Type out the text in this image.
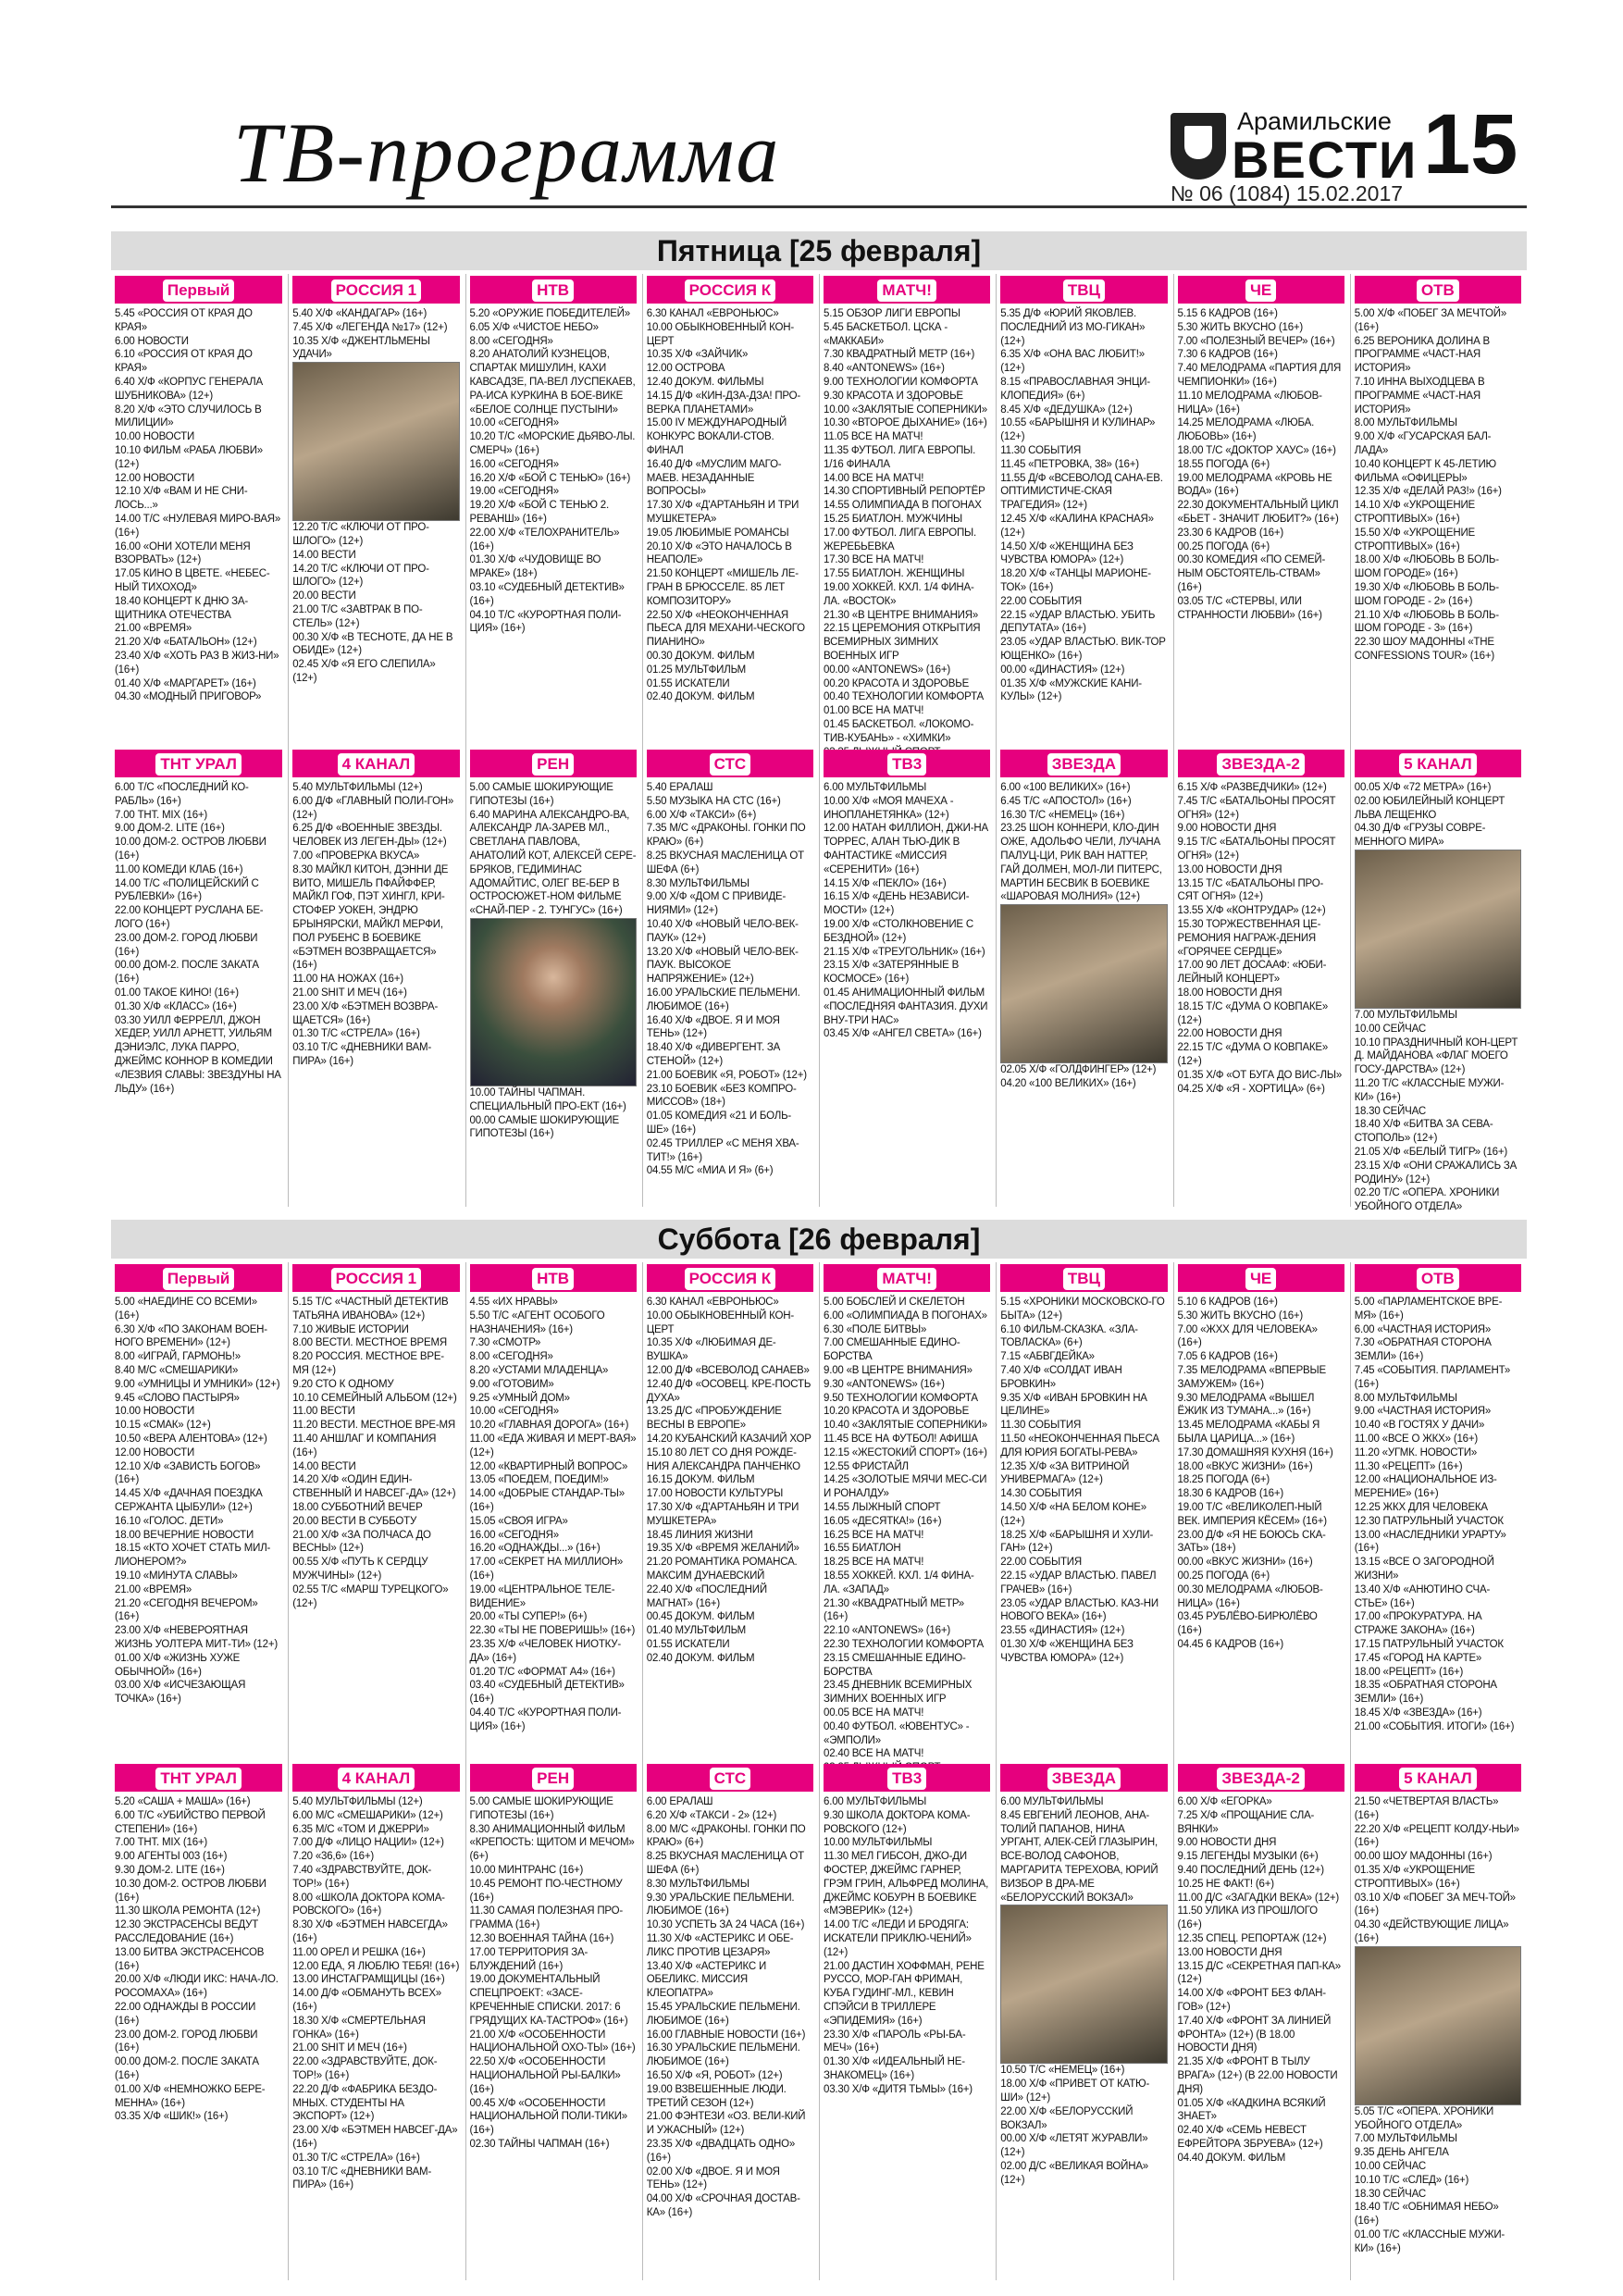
ТВ-программа	Арамильские
ВЕСТИ 15
№ 06 (1084) 15.02.2017
Пятница [25 февраля]
Первый
5.45 «РОССИЯ ОТ КРАЯ ДО КРАЯ»
6.00 НОВОСТИ
6.10 «РОССИЯ ОТ КРАЯ ДО КРАЯ»
6.40 Х/Ф «КОРПУС ГЕНЕРАЛА ШУБНИКОВА» (12+)
8.20 Х/Ф «ЭТО СЛУЧИЛОСЬ В МИЛИЦИИ»
10.00 НОВОСТИ
10.10 ФИЛЬМ «РАБА ЛЮБВИ» (12+)
12.00 НОВОСТИ
12.10 Х/Ф «ВАМ И НЕ СНИ-ЛОСЬ...»
14.00 Т/С «НУЛЕВАЯ МИРО-ВАЯ» (16+)
16.00 «ОНИ ХОТЕЛИ МЕНЯ ВЗОРВАТЬ» (12+)
17.05 КИНО В ЦВЕТЕ. «НЕБЕС-НЫЙ ТИХОХОД»
18.40 КОНЦЕРТ К ДНЮ ЗА-ЩИТНИКА ОТЕЧЕСТВА
21.00 «ВРЕМЯ»
21.20 Х/Ф «БАТАЛЬОН» (12+)
23.40 Х/Ф «ХОТЬ РАЗ В ЖИЗ-НИ» (16+)
01.40 Х/Ф «МАРГАРЕТ» (16+)
04.30 «МОДНЫЙ ПРИГОВОР»
РОССИЯ 1
5.40 Х/Ф «КАНДАГАР» (16+)
7.45 Х/Ф «ЛЕГЕНДА №17» (12+)
10.35 Х/Ф «ДЖЕНТЛЬМЕНЫ УДАЧИ»
12.20 Т/С «КЛЮЧИ ОТ ПРО-ШЛОГО» (12+)
14.00 ВЕСТИ
14.20 Т/С «КЛЮЧИ ОТ ПРО-ШЛОГО» (12+)
20.00 ВЕСТИ
21.00 Т/С «ЗАВТРАК В ПО-СТЕЛЬ» (12+)
00.30 Х/Ф «В ТЕСНОТЕ, ДА НЕ В ОБИДЕ» (12+)
02.45 Х/Ф «Я ЕГО СЛЕПИЛА» (12+)
НТВ
5.20 «ОРУЖИЕ ПОБЕДИТЕЛЕЙ»
6.05 Х/Ф «ЧИСТОЕ НЕБО»
8.00 «СЕГОДНЯ»
8.20 АНАТОЛИЙ КУЗНЕЦОВ, СПАРТАК МИШУЛИН, КАХИ КАВСАДЗЕ, ПА-ВЕЛ ЛУСПЕКАЕВ, РА-ИСА КУРКИНА В БОЕ-ВИКЕ «БЕЛОЕ СОЛНЦЕ ПУСТЫНИ»
10.00 «СЕГОДНЯ»
10.20 Т/С «МОРСКИЕ ДЬЯВО-ЛЫ. СМЕРЧ» (16+)
16.00 «СЕГОДНЯ»
16.20 Х/Ф «БОЙ С ТЕНЬЮ» (16+)
19.00 «СЕГОДНЯ»
19.20 Х/Ф «БОЙ С ТЕНЬЮ 2. РЕВАНШ» (16+)
22.00 Х/Ф «ТЕЛОХРАНИТЕЛЬ» (16+)
01.30 Х/Ф «ЧУДОВИЩЕ ВО МРАКЕ» (18+)
03.10 «СУДЕБНЫЙ ДЕТЕКТИВ» (16+)
04.10 Т/С «КУРОРТНАЯ ПОЛИ-ЦИЯ» (16+)
РОССИЯ К
6.30 КАНАЛ «ЕВРОНЬЮС»
10.00 ОБЫКНОВЕННЫЙ КОН-ЦЕРТ
10.35 Х/Ф «ЗАЙЧИК»
12.00 ОСТРОВА
12.40 ДОКУМ. ФИЛЬМЫ
14.15 Д/Ф «КИН-ДЗА-ДЗА! ПРО-ВЕРКА ПЛАНЕТАМИ»
15.00 IV МЕЖДУНАРОДНЫЙ КОНКУРС ВОКАЛИ-СТОВ. ФИНАЛ
16.40 Д/Ф «МУСЛИМ МАГО-МАЕВ. НЕЗАДАННЫЕ ВОПРОСЫ»
17.30 Х/Ф «Д'АРТАНЬЯН И ТРИ МУШКЕТЕРА»
19.05 ЛЮБИМЫЕ РОМАНСЫ
20.10 Х/Ф «ЭТО НАЧАЛОСЬ В НЕАПОЛЕ»
21.50 КОНЦЕРТ «МИШЕЛЬ ЛЕ-ГРАН В БРЮССЕЛЕ. 85 ЛЕТ КОМПОЗИТОРУ»
22.50 Х/Ф «НЕОКОНЧЕННАЯ ПЬЕСА ДЛЯ МЕХАНИ-ЧЕСКОГО ПИАНИНО»
00.30 ДОКУМ. ФИЛЬМ
01.25 МУЛЬТФИЛЬМ
01.55 ИСКАТЕЛИ
02.40 ДОКУМ. ФИЛЬМ
МАТЧ!
5.15 ОБЗОР ЛИГИ ЕВРОПЫ
5.45 БАСКЕТБОЛ. ЦСКА - «МАККАБИ»
7.30 КВАДРАТНЫЙ МЕТР (16+)
8.40 «ANTONEWS» (16+)
9.00 ТЕХНОЛОГИИ КОМФОРТА
9.30 КРАСОТА И ЗДОРОВЬЕ
10.00 «ЗАКЛЯТЫЕ СОПЕРНИКИ»
10.30 «ВТОРОЕ ДЫХАНИЕ» (16+)
11.05 ВСЕ НА МАТЧ!
11.35 ФУТБОЛ. ЛИГА ЕВРОПЫ. 1/16 ФИНАЛА
14.00 ВСЕ НА МАТЧ!
14.30 СПОРТИВНЫЙ РЕПОРТЁР
14.55 ОЛИМПИАДА В ПОГОНАХ
15.25 БИАТЛОН. МУЖЧИНЫ
17.00 ФУТБОЛ. ЛИГА ЕВРОПЫ. ЖЕРЕБЬЕВКА
17.30 ВСЕ НА МАТЧ!
17.55 БИАТЛОН. ЖЕНЩИНЫ
19.00 ХОККЕЙ. КХЛ. 1/4 ФИНА-ЛА. «ВОСТОК»
21.30 «В ЦЕНТРЕ ВНИМАНИЯ»
22.15 ЦЕРЕМОНИЯ ОТКРЫТИЯ ВСЕМИРНЫХ ЗИМНИХ ВОЕННЫХ ИГР
00.00 «ANTONEWS» (16+)
00.20 КРАСОТА И ЗДОРОВЬЕ
00.40 ТЕХНОЛОГИИ КОМФОРТА
01.00 ВСЕ НА МАТЧ!
01.45 БАСКЕТБОЛ. «ЛОКОМО-ТИВ-КУБАНЬ» - «ХИМКИ»
ТВЦ
5.35 Д/Ф «ЮРИЙ ЯКОВЛЕВ. ПОСЛЕДНИЙ ИЗ МО-ГИКАН» (12+)
6.35 Х/Ф «ОНА ВАС ЛЮБИТ!» (12+)
8.15 «ПРАВОСЛАВНАЯ ЭНЦИ-КЛОПЕДИЯ» (6+)
8.45 Х/Ф «ДЕДУШКА» (12+)
10.55 «БАРЫШНЯ И КУЛИНАР» (12+)
11.30 СОБЫТИЯ
11.45 «ПЕТРОВКА, 38» (16+)
11.55 Д/Ф «ВСЕВОЛОД САНА-ЕВ. ОПТИМИСТИЧЕ-СКАЯ ТРАГЕДИЯ» (12+)
12.45 Х/Ф «КАЛИНА КРАСНАЯ» (12+)
14.50 Х/Ф «ЖЕНЩИНА БЕЗ ЧУВСТВА ЮМОРА» (12+)
18.20 Х/Ф «ТАНЦЫ МАРИОНЕ-ТОК» (16+)
22.00 СОБЫТИЯ
22.15 «УДАР ВЛАСТЬЮ. УБИТЬ ДЕПУТАТА» (16+)
23.05 «УДАР ВЛАСТЬЮ. ВИК-ТОР ЮЩЕНКО» (16+)
00.00 «ДИНАСТИЯ» (12+)
01.35 Х/Ф «МУЖСКИЕ КАНИ-КУЛЫ» (12+)
ЧЕ
5.15 6 КАДРОВ (16+)
5.30 ЖИТЬ ВКУСНО (16+)
7.00 «ПОЛЕЗНЫЙ ВЕЧЕР» (16+)
7.30 6 КАДРОВ (16+)
7.40 МЕЛОДРАМА «ПАРТИЯ ДЛЯ ЧЕМПИОНКИ» (16+)
11.10 МЕЛОДРАМА «ЛЮБОВ-НИЦА» (16+)
14.25 МЕЛОДРАМА «ЛЮБА. ЛЮБОВЬ» (16+)
18.00 Т/С «ДОКТОР ХАУС» (16+)
18.55 ПОГОДА (6+)
19.00 МЕЛОДРАМА «КРОВЬ НЕ ВОДА» (16+)
22.30 ДОКУМЕНТАЛЬНЫЙ ЦИКЛ «БЬЕТ - ЗНАЧИТ ЛЮБИТ?» (16+)
23.30 6 КАДРОВ (16+)
00.25 ПОГОДА (6+)
00.30 КОМЕДИЯ «ПО СЕМЕЙ-НЫМ ОБСТОЯТЕЛЬ-СТВАМ» (16+)
03.05 Т/С «СТЕРВЫ, ИЛИ СТРАННОСТИ ЛЮБВИ» (16+)
ОТВ
5.00 Х/Ф «ПОБЕГ ЗА МЕЧТОЙ» (16+)
6.25 ВЕРОНИКА ДОЛИНА В ПРОГРАММЕ «ЧАСТ-НАЯ ИСТОРИЯ»
7.10 ИННА ВЫХОДЦЕВА В ПРОГРАММЕ «ЧАСТ-НАЯ ИСТОРИЯ»
8.00 МУЛЬТФИЛЬМЫ
9.00 Х/Ф «ГУСАРСКАЯ БАЛ-ЛАДА»
10.40 КОНЦЕРТ К 45-ЛЕТИЮ ФИЛЬМА «ОФИЦЕРЫ»
12.35 Х/Ф «ДЕЛАЙ РАЗ!» (16+)
14.10 Х/Ф «УКРОЩЕНИЕ СТРОПТИВЫХ» (16+)
15.50 Х/Ф «УКРОЩЕНИЕ СТРОПТИВЫХ» (16+)
18.00 Х/Ф «ЛЮБОВЬ В БОЛЬ-ШОМ ГОРОДЕ» (16+)
19.30 Х/Ф «ЛЮБОВЬ В БОЛЬ-ШОМ ГОРОДЕ - 2» (16+)
21.10 Х/Ф «ЛЮБОВЬ В БОЛЬ-ШОМ ГОРОДЕ - 3» (16+)
22.30 ШОУ МАДОННЫ «THE CONFESSIONS TOUR» (16+)
ТНТ УРАЛ
6.00 Т/С «ПОСЛЕДНИЙ КО-РАБЛЬ» (16+)
7.00 ТНТ. MIX (16+)
9.00 ДОМ-2. LITE (16+)
10.00 ДОМ-2. ОСТРОВ ЛЮБВИ (16+)
11.00 КОМЕДИ КЛАБ (16+)
14.00 Т/С «ПОЛИЦЕЙСКИЙ С РУБЛЕВКИ» (16+)
22.00 КОНЦЕРТ РУСЛАНА БЕ-ЛОГО (16+)
23.00 ДОМ-2. ГОРОД ЛЮБВИ (16+)
00.00 ДОМ-2. ПОСЛЕ ЗАКАТА (16+)
01.00 ТАКОЕ КИНО! (16+)
01.30 Х/Ф «КЛАСС» (16+)
03.30 УИЛЛ ФЕРРЕЛЛ, ДЖОН ХЕДЕР, УИЛЛ АРНЕТТ, УИЛЬЯМ ДЭНИЭЛС, ЛУКА ПАРРО, ДЖЕЙМС КОННОР В КОМЕДИИ «ЛЕЗВИЯ СЛАВЫ: ЗВЕЗДУНЫ НА ЛЬДУ» (16+)
4 КАНАЛ
5.40 МУЛЬТФИЛЬМЫ (12+)
6.00 Д/Ф «ГЛАВНЫЙ ПОЛИ-ГОН» (12+)
6.25 Д/Ф «ВОЕННЫЕ ЗВЕЗДЫ. ЧЕЛОВЕК ИЗ ЛЕГЕН-ДЫ» (12+)
7.00 «ПРОВЕРКА ВКУСА»
8.30 МАЙКЛ КИТОН, ДЭННИ ДЕ ВИТО, МИШЕЛЬ ПФАЙФФЕР, МАЙКЛ ГОФ, ПЭТ ХИНГЛ, КРИ-СТОФЕР УОКЕН, ЭНДРЮ БРЫНЯРСКИ, МАЙКЛ МЕРФИ, ПОЛ РУБЕНС В БОЕВИКЕ «БЭТМЕН ВОЗВРАЩАЕТСЯ» (16+)
11.00 НА НОЖАХ (16+)
21.00 SHIT И МЕЧ (16+)
23.00 Х/Ф «БЭТМЕН ВОЗВРА-ЩАЕТСЯ» (16+)
01.30 Т/С «СТРЕЛА» (16+)
03.10 Т/С «ДНЕВНИКИ ВАМ-ПИРА» (16+)
РЕН
5.00 САМЫЕ ШОКИРУЮЩИЕ ГИПОТЕЗЫ (16+)
6.40 МАРИНА АЛЕКСАНДРО-ВА, АЛЕКСАНДР ЛА-ЗАРЕВ МЛ., СВЕТЛАНА ПАВЛОВА, АНАТОЛИЙ КОТ, АЛЕКСЕЙ СЕРЕ-БРЯКОВ, ГЕДИМИНАС АДОМАЙТИС, ОЛЕГ ВЕ-БЕР В ОСТРОСЮЖЕТ-НОМ ФИЛЬМЕ «СНАЙ-ПЕР - 2. ТУНГУС» (16+)
10.00 ТАЙНЫ ЧАПМАН. СПЕЦИАЛЬНЫЙ ПРО-ЕКТ (16+)
00.00 САМЫЕ ШОКИРУЮЩИЕ ГИПОТЕЗЫ (16+)
СТС
5.40 ЕРАЛАШ
5.50 МУЗЫКА НА СТС (16+)
6.00 Х/Ф «ТАКСИ» (6+)
7.35 М/С «ДРАКОНЫ. ГОНКИ ПО КРАЮ» (6+)
8.25 ВКУСНАЯ МАСЛЕНИЦА ОТ ШЕФА (6+)
8.30 МУЛЬТФИЛЬМЫ
9.00 Х/Ф «ДОМ С ПРИВИДЕ-НИЯМИ» (12+)
10.40 Х/Ф «НОВЫЙ ЧЕЛО-ВЕК-ПАУК» (12+)
13.20 Х/Ф «НОВЫЙ ЧЕЛО-ВЕК-ПАУК. ВЫСОКОЕ НАПРЯЖЕНИЕ» (12+)
16.00 УРАЛЬСКИЕ ПЕЛЬМЕНИ. ЛЮБИМОЕ (16+)
16.40 Х/Ф «ДВОЕ. Я И МОЯ ТЕНЬ» (12+)
18.40 Х/Ф «ДИВЕРГЕНТ. ЗА СТЕНОЙ» (12+)
21.00 БОЕВИК «Я, РОБОТ» (12+)
23.10 БОЕВИК «БЕЗ КОМПРО-МИССОВ» (18+)
01.05 КОМЕДИЯ «21 И БОЛЬ-ШЕ» (16+)
02.45 ТРИЛЛЕР «С МЕНЯ ХВА-ТИТ!» (16+)
04.55 М/С «МИА И Я» (6+)
ТВ3
6.00 МУЛЬТФИЛЬМЫ
10.00 Х/Ф «МОЯ МАЧЕХА - ИНОПЛАНЕТЯНКА» (12+)
12.00 НАТАН ФИЛЛИОН, ДЖИ-НА ТОРРЕС, АЛАН ТЬЮ-ДИК В ФАНТАСТИКЕ «МИССИЯ «СЕРЕНИТИ» (16+)
14.15 Х/Ф «ПЕКЛО» (16+)
16.15 Х/Ф «ДЕНЬ НЕЗАВИСИ-МОСТИ» (12+)
19.00 Х/Ф «СТОЛКНОВЕНИЕ С БЕЗДНОЙ» (12+)
21.15 Х/Ф «ТРЕУГОЛЬНИК» (16+)
23.15 Х/Ф «ЗАТЕРЯННЫЕ В КОСМОСЕ» (16+)
01.45 АНИМАЦИОННЫЙ ФИЛЬМ «ПОСЛЕДНЯЯ ФАНТАЗИЯ. ДУХИ ВНУ-ТРИ НАС»
03.45 Х/Ф «АНГЕЛ СВЕТА» (16+)
ЗВЕЗДА
6.00 «100 ВЕЛИКИХ» (16+)
6.45 Т/С «АПОСТОЛ» (16+)
16.30 Т/С «НЕМЕЦ» (16+)
23.25 ШОН КОННЕРИ, КЛО-ДИН ОЖЕ, АДОЛЬФО ЧЕЛИ, ЛУЧАНА ПАЛУЦ-ЦИ, РИК ВАН НАТТЕР, ГАЙ ДОЛМЕН, МОЛ-ЛИ ПИТЕРС, МАРТИН БЕСВИК В БОЕВИКЕ «ШАРОВАЯ МОЛНИЯ» (12+)
02.05 Х/Ф «ГОЛДФИНГЕР» (12+)
04.20 «100 ВЕЛИКИХ» (16+)
ЗВЕЗДА-2
6.15 Х/Ф «РАЗВЕДЧИКИ» (12+)
7.45 Т/С «БАТАЛЬОНЫ ПРОСЯТ ОГНЯ» (12+)
9.00 НОВОСТИ ДНЯ
9.15 Т/С «БАТАЛЬОНЫ ПРОСЯТ ОГНЯ» (12+)
13.00 НОВОСТИ ДНЯ
13.15 Т/С «БАТАЛЬОНЫ ПРО-СЯТ ОГНЯ» (12+)
13.55 Х/Ф «КОНТРУДАР» (12+)
15.30 ТОРЖЕСТВЕННАЯ ЦЕ-РЕМОНИЯ НАГРАЖ-ДЕНИЯ «ГОРЯЧЕЕ СЕРДЦЕ»
17.00 90 ЛЕТ ДОСААФ: «ЮБИ-ЛЕЙНЫЙ КОНЦЕРТ»
18.00 НОВОСТИ ДНЯ
18.15 Т/С «ДУМА О КОВПАКЕ» (12+)
22.00 НОВОСТИ ДНЯ
22.15 Т/С «ДУМА О КОВПАКЕ» (12+)
01.35 Х/Ф «ОТ БУГА ДО ВИС-ЛЫ»
04.25 Х/Ф «Я - ХОРТИЦА» (6+)
5 КАНАЛ
00.05 Х/Ф «72 МЕТРА» (16+)
02.00 ЮБИЛЕЙНЫЙ КОНЦЕРТ ЛЬВА ЛЕЩЕНКО
04.30 Д/Ф «ГРУЗЫ СОВРЕ-МЕННОГО МИРА»
7.00 МУЛЬТФИЛЬМЫ
10.00 СЕЙЧАС
10.10 ПРАЗДНИЧНЫЙ КОН-ЦЕРТ Д. МАЙДАНОВА «ФЛАГ МОЕГО ГОСУ-ДАРСТВА» (12+)
11.20 Т/С «КЛАССНЫЕ МУЖИ-КИ» (16+)
18.30 СЕЙЧАС
18.40 Х/Ф «БИТВА ЗА СЕВА-СТОПОЛЬ» (12+)
21.05 Х/Ф «БЕЛЫЙ ТИГР» (16+)
23.15 Х/Ф «ОНИ СРАЖАЛИСЬ ЗА РОДИНУ» (12+)
02.20 Т/С «ОПЕРА. ХРОНИКИ УБОЙНОГО ОТДЕЛА»
Суббота [26 февраля]
Первый
5.00 «НАЕДИНЕ СО ВСЕМИ» (16+)
6.30 Х/Ф «ПО ЗАКОНАМ ВОЕН-НОГО ВРЕМЕНИ» (12+)
8.00 «ИГРАЙ, ГАРМОНЬ!»
8.40 М/С «СМЕШАРИКИ»
9.00 «УМНИЦЫ И УМНИКИ» (12+)
9.45 «СЛОВО ПАСТЫРЯ»
10.00 НОВОСТИ
10.15 «СМАК» (12+)
10.50 «ВЕРА АЛЕНТОВА» (12+)
12.00 НОВОСТИ
12.10 Х/Ф «ЗАВИСТЬ БОГОВ» (16+)
14.45 Х/Ф «ДАЧНАЯ ПОЕЗДКА СЕРЖАНТА ЦЫБУЛИ» (12+)
16.10 «ГОЛОС. ДЕТИ»
18.00 ВЕЧЕРНИЕ НОВОСТИ
18.15 «КТО ХОЧЕТ СТАТЬ МИЛ-ЛИОНЕРОМ?»
19.10 «МИНУТА СЛАВЫ»
21.00 «ВРЕМЯ»
21.20 «СЕГОДНЯ ВЕЧЕРОМ» (16+)
23.00 Х/Ф «НЕВЕРОЯТНАЯ ЖИЗНЬ УОЛТЕРА МИТ-ТИ» (12+)
01.00 Х/Ф «ЖИЗНЬ ХУЖЕ ОБЫЧНОЙ» (16+)
03.00 Х/Ф «ИСЧЕЗАЮЩАЯ ТОЧКА» (16+)
РОССИЯ 1
5.15 Т/С «ЧАСТНЫЙ ДЕТЕКТИВ ТАТЬЯНА ИВАНОВА» (12+)
7.10 ЖИВЫЕ ИСТОРИИ
8.00 ВЕСТИ. МЕСТНОЕ ВРЕМЯ
8.20 РОССИЯ. МЕСТНОЕ ВРЕ-МЯ (12+)
9.20 СТО К ОДНОМУ
10.10 СЕМЕЙНЫЙ АЛЬБОМ (12+)
11.00 ВЕСТИ
11.20 ВЕСТИ. МЕСТНОЕ ВРЕ-МЯ
11.40 АНШЛАГ И КОМПАНИЯ (16+)
14.00 ВЕСТИ
14.20 Х/Ф «ОДИН ЕДИН-СТВЕННЫЙ И НАВСЕГ-ДА» (12+)
18.00 СУББОТНИЙ ВЕЧЕР
20.00 ВЕСТИ В СУББОТУ
21.00 Х/Ф «ЗА ПОЛЧАСА ДО ВЕСНЫ» (12+)
00.55 Х/Ф «ПУТЬ К СЕРДЦУ МУЖЧИНЫ» (12+)
02.55 Т/С «МАРШ ТУРЕЦКОГО» (12+)
НТВ
4.55 «ИХ НРАВЫ»
5.50 Т/С «АГЕНТ ОСОБОГО НАЗНАЧЕНИЯ» (16+)
7.30 «СМОТР»
8.00 «СЕГОДНЯ»
8.20 «УСТАМИ МЛАДЕНЦА»
9.00 «ГОТОВИМ»
9.25 «УМНЫЙ ДОМ»
10.00 «СЕГОДНЯ»
10.20 «ГЛАВНАЯ ДОРОГА» (16+)
11.00 «ЕДА ЖИВАЯ И МЕРТ-ВАЯ» (12+)
12.00 «КВАРТИРНЫЙ ВОПРОС»
13.05 «ПОЕДЕМ, ПОЕДИМ!»
14.00 «ДОБРЫЕ СТАНДАР-ТЫ» (16+)
15.05 «СВОЯ ИГРА»
16.00 «СЕГОДНЯ»
16.20 «ОДНАЖДЫ...» (16+)
17.00 «СЕКРЕТ НА МИЛЛИОН» (16+)
19.00 «ЦЕНТРАЛЬНОЕ ТЕЛЕ-ВИДЕНИЕ»
20.00 «ТЫ СУПЕР!» (6+)
22.30 «ТЫ НЕ ПОВЕРИШЬ!» (16+)
23.35 Х/Ф «ЧЕЛОВЕК НИОТКУ-ДА» (16+)
01.20 Т/С «ФОРМАТ А4» (16+)
03.40 «СУДЕБНЫЙ ДЕТЕКТИВ» (16+)
04.40 Т/С «КУРОРТНАЯ ПОЛИ-ЦИЯ» (16+)
РОССИЯ К
6.30 КАНАЛ «ЕВРОНЬЮС»
10.00 ОБЫКНОВЕННЫЙ КОН-ЦЕРТ
10.35 Х/Ф «ЛЮБИМАЯ ДЕ-ВУШКА»
12.00 Д/Ф «ВСЕВОЛОД САНАЕВ»
12.40 Д/Ф «ОСОВЕЦ. КРЕ-ПОСТЬ ДУХА»
13.25 Д/С «ПРОБУЖДЕНИЕ ВЕСНЫ В ЕВРОПЕ»
14.20 КУБАНСКИЙ КАЗАЧИЙ ХОР
15.10 80 ЛЕТ СО ДНЯ РОЖДЕ-НИЯ АЛЕКСАНДРА ПАНЧЕНКО
16.15 ДОКУМ. ФИЛЬМ
17.00 НОВОСТИ КУЛЬТУРЫ
17.30 Х/Ф «Д'АРТАНЬЯН И ТРИ МУШКЕТЕРА»
18.45 ЛИНИЯ ЖИЗНИ
19.35 Х/Ф «ВРЕМЯ ЖЕЛАНИЙ»
21.20 РОМАНТИКА РОМАНСА. МАКСИМ ДУНАЕВСКИЙ
22.40 Х/Ф «ПОСЛЕДНИЙ МАГНАТ» (16+)
00.45 ДОКУМ. ФИЛЬМ
01.40 МУЛЬТФИЛЬМ
01.55 ИСКАТЕЛИ
02.40 ДОКУМ. ФИЛЬМ
МАТЧ!
5.00 БОБСЛЕЙ И СКЕЛЕТОН
6.00 «ОЛИМПИАДА В ПОГОНАХ»
6.30 «ПОЛЕ БИТВЫ»
7.00 СМЕШАННЫЕ ЕДИНО-БОРСТВА
9.00 «В ЦЕНТРЕ ВНИМАНИЯ»
9.30 «ANTONEWS» (16+)
9.50 ТЕХНОЛОГИИ КОМФОРТА
10.20 КРАСОТА И ЗДОРОВЬЕ
10.40 «ЗАКЛЯТЫЕ СОПЕРНИКИ»
11.45 ВСЕ НА ФУТБОЛ! АФИША
12.15 «ЖЕСТОКИЙ СПОРТ» (16+)
12.55 ФРИСТАЙЛ
14.25 «ЗОЛОТЫЕ МЯЧИ МЕС-СИ И РОНАЛДУ»
14.55 ЛЫЖНЫЙ СПОРТ
16.05 «ДЕСЯТКА!» (16+)
16.25 ВСЕ НА МАТЧ!
16.55 БИАТЛОН
18.25 ВСЕ НА МАТЧ!
18.55 ХОККЕЙ. КХЛ. 1/4 ФИНА-ЛА. «ЗАПАД»
21.30 «КВАДРАТНЫЙ МЕТР» (16+)
22.10 «ANTONEWS» (16+)
22.30 ТЕХНОЛОГИИ КОМФОРТА
23.15 СМЕШАННЫЕ ЕДИНО-БОРСТВА
23.45 ДНЕВНИК ВСЕМИРНЫХ ЗИМНИХ ВОЕННЫХ ИГР
00.05 ВСЕ НА МАТЧ!
00.40 ФУТБОЛ. «ЮВЕНТУС» - «ЭМПОЛИ»
02.40 ВСЕ НА МАТЧ!
ТВЦ
5.15 «ХРОНИКИ МОСКОВСКО-ГО БЫТА» (12+)
6.10 ФИЛЬМ-СКАЗКА. «ЗЛА-ТОВЛАСКА» (6+)
7.15 «АБВГДЕЙКА»
7.40 Х/Ф «СОЛДАТ ИВАН БРОВКИН»
9.35 Х/Ф «ИВАН БРОВКИН НА ЦЕЛИНЕ»
11.30 СОБЫТИЯ
11.50 «НЕОКОНЧЕННАЯ ПЬЕСА ДЛЯ ЮРИЯ БОГАТЫ-РЕВА»
12.35 Х/Ф «ЗА ВИТРИНОЙ УНИВЕРМАГА» (12+)
14.30 СОБЫТИЯ
14.50 Х/Ф «НА БЕЛОМ КОНЕ» (12+)
18.25 Х/Ф «БАРЫШНЯ И ХУЛИ-ГАН» (12+)
22.00 СОБЫТИЯ
22.15 «УДАР ВЛАСТЬЮ. ПАВЕЛ ГРАЧЕВ» (16+)
23.05 «УДАР ВЛАСТЬЮ. КАЗ-НИ НОВОГО ВЕКА» (16+)
23.55 «ДИНАСТИЯ» (12+)
01.30 Х/Ф «ЖЕНЩИНА БЕЗ ЧУВСТВА ЮМОРА» (12+)
ЧЕ
5.10 6 КАДРОВ (16+)
5.30 ЖИТЬ ВКУСНО (16+)
7.00 «ЖХХ ДЛЯ ЧЕЛОВЕКА» (16+)
7.05 6 КАДРОВ (16+)
7.35 МЕЛОДРАМА «ВПЕРВЫЕ ЗАМУЖЕМ» (16+)
9.30 МЕЛОДРАМА «ВЫШЕЛ ЁЖИК ИЗ ТУМАНА...» (16+)
13.45 МЕЛОДРАМА «КАБЫ Я БЫЛА ЦАРИЦА...» (16+)
17.30 ДОМАШНЯЯ КУХНЯ (16+)
18.00 «ВКУС ЖИЗНИ» (16+)
18.25 ПОГОДА (6+)
18.30 6 КАДРОВ (16+)
19.00 Т/С «ВЕЛИКОЛЕП-НЫЙ ВЕК. ИМПЕРИЯ КЁСЕМ» (16+)
23.00 Д/Ф «Я НЕ БОЮСЬ СКА-ЗАТЬ» (18+)
00.00 «ВКУС ЖИЗНИ» (16+)
00.25 ПОГОДА (6+)
00.30 МЕЛОДРАМА «ЛЮБОВ-НИЦА» (16+)
03.45 РУБЛЁВО-БИРЮЛЁВО (16+)
04.45 6 КАДРОВ (16+)
ОТВ
5.00 «ПАРЛАМЕНТСКОЕ ВРЕ-МЯ» (16+)
6.00 «ЧАСТНАЯ ИСТОРИЯ»
7.30 «ОБРАТНАЯ СТОРОНА ЗЕМЛИ» (16+)
7.45 «СОБЫТИЯ. ПАРЛАМЕНТ» (16+)
8.00 МУЛЬТФИЛЬМЫ
9.00 «ЧАСТНАЯ ИСТОРИЯ»
10.40 «В ГОСТЯХ У ДАЧИ»
11.00 «ВСЕ О ЖКХ» (16+)
11.20 «УГМК. НОВОСТИ»
11.30 «РЕЦЕПТ» (16+)
12.00 «НАЦИОНАЛЬНОЕ ИЗ-МЕРЕНИЕ» (16+)
12.25 ЖКХ ДЛЯ ЧЕЛОВЕКА
12.30 ПАТРУЛЬНЫЙ УЧАСТОК
13.00 «НАСЛЕДНИКИ УРАРТУ» (16+)
13.15 «ВСЕ О ЗАГОРОДНОЙ ЖИЗНИ»
13.40 Х/Ф «АНЮТИНО СЧА-СТЬЕ» (16+)
17.00 «ПРОКУРАТУРА. НА СТРАЖЕ ЗАКОНА» (16+)
17.15 ПАТРУЛЬНЫЙ УЧАСТОК
17.45 «ГОРОД НА КАРТЕ»
18.00 «РЕЦЕПТ» (16+)
18.35 «ОБРАТНАЯ СТОРОНА ЗЕМЛИ» (16+)
18.45 Х/Ф «ЗВЕЗДА» (16+)
21.00 «СОБЫТИЯ. ИТОГИ» (16+)
ТНТ УРАЛ
5.20 «САША + МАША» (16+)
6.00 Т/С «УБИЙСТВО ПЕРВОЙ СТЕПЕНИ» (16+)
7.00 ТНТ. MIX (16+)
9.00 АГЕНТЫ 003 (16+)
9.30 ДОМ-2. LITE (16+)
10.30 ДОМ-2. ОСТРОВ ЛЮБВИ (16+)
11.30 ШКОЛА РЕМОНТА (12+)
12.30 ЭКСТРАСЕНСЫ ВЕДУТ РАССЛЕДОВАНИЕ (16+)
13.00 БИТВА ЭКСТРАСЕНСОВ (16+)
20.00 Х/Ф «ЛЮДИ ИКС: НАЧА-ЛО. РОСОМАХА» (16+)
22.00 ОДНАЖДЫ В РОССИИ (16+)
23.00 ДОМ-2. ГОРОД ЛЮБВИ (16+)
00.00 ДОМ-2. ПОСЛЕ ЗАКАТА (16+)
01.00 Х/Ф «НЕМНОЖКО БЕРЕ-МЕННА» (16+)
03.35 Х/Ф «ШИК!» (16+)
4 КАНАЛ
5.40 МУЛЬТФИЛЬМЫ (12+)
6.00 М/С «СМЕШАРИКИ» (12+)
6.35 М/С «ТОМ И ДЖЕРРИ»
7.00 Д/Ф «ЛИЦО НАЦИИ» (12+)
7.20 «36,6» (16+)
7.40 «ЗДРАВСТВУЙТЕ, ДОК-ТОР!» (16+)
8.00 «ШКОЛА ДОКТОРА КОМА-РОВСКОГО» (16+)
8.30 Х/Ф «БЭТМЕН НАВСЕГДА» (16+)
11.00 ОРЕЛ И РЕШКА (16+)
12.00 ЕДА, Я ЛЮБЛЮ ТЕБЯ! (16+)
13.00 ИНСТАГРАМЩИЦЫ (16+)
14.00 Д/Ф «ОБМАНУТЬ ВСЕХ» (16+)
18.30 Х/Ф «СМЕРТЕЛЬНАЯ ГОНКА» (16+)
21.00 SHIT И МЕЧ (16+)
22.00 «ЗДРАВСТВУЙТЕ, ДОК-ТОР!» (16+)
22.20 Д/Ф «ФАБРИКА БЕЗДО-МНЫХ. СТУДЕНТЫ НА ЭКСПОРТ» (12+)
23.00 Х/Ф «БЭТМЕН НАВСЕГ-ДА» (16+)
01.30 Т/С «СТРЕЛА» (16+)
03.10 Т/С «ДНЕВНИКИ ВАМ-ПИРА» (16+)
РЕН
5.00 САМЫЕ ШОКИРУЮЩИЕ ГИПОТЕЗЫ (16+)
8.30 АНИМАЦИОННЫЙ ФИЛЬМ «КРЕПОСТЬ: ЩИТОМ И МЕЧОМ» (6+)
10.00 МИНТРАНС (16+)
10.45 РЕМОНТ ПО-ЧЕСТНОМУ (16+)
11.30 САМАЯ ПОЛЕЗНАЯ ПРО-ГРАММА (16+)
12.30 ВОЕННАЯ ТАЙНА (16+)
17.00 ТЕРРИТОРИЯ ЗА-БЛУЖДЕНИЙ (16+)
19.00 ДОКУМЕНТАЛЬНЫЙ СПЕЦПРОЕКТ: «ЗАСЕ-КРЕЧЕННЫЕ СПИСКИ. 2017: 6 ГРЯДУЩИХ КА-ТАСТРОФ» (16+)
21.00 Х/Ф «ОСОБЕННОСТИ НАЦИОНАЛЬНОЙ ОХО-ТЫ» (16+)
22.50 Х/Ф «ОСОБЕННОСТИ НАЦИОНАЛЬНОЙ РЫ-БАЛКИ» (16+)
00.45 Х/Ф «ОСОБЕННОСТИ НАЦИОНАЛЬНОЙ ПОЛИ-ТИКИ» (16+)
02.30 ТАЙНЫ ЧАПМАН (16+)
СТС
6.00 ЕРАЛАШ
6.20 Х/Ф «ТАКСИ - 2» (12+)
8.00 М/С «ДРАКОНЫ. ГОНКИ ПО КРАЮ» (6+)
8.25 ВКУСНАЯ МАСЛЕНИЦА ОТ ШЕФА (6+)
8.30 МУЛЬТФИЛЬМЫ
9.30 УРАЛЬСКИЕ ПЕЛЬМЕНИ. ЛЮБИМОЕ (16+)
10.30 УСПЕТЬ ЗА 24 ЧАСА (16+)
11.30 Х/Ф «АСТЕРИКС И ОБЕ-ЛИКС ПРОТИВ ЦЕЗАРЯ»
13.40 Х/Ф «АСТЕРИКС И ОБЕЛИКС. МИССИЯ КЛЕОПАТРА»
15.45 УРАЛЬСКИЕ ПЕЛЬМЕНИ. ЛЮБИМОЕ (16+)
16.00 ГЛАВНЫЕ НОВОСТИ (16+)
16.30 УРАЛЬСКИЕ ПЕЛЬМЕНИ. ЛЮБИМОЕ (16+)
16.50 Х/Ф «Я, РОБОТ» (12+)
19.00 ВЗВЕШЕННЫЕ ЛЮДИ. ТРЕТИЙ СЕЗОН (12+)
21.00 ФЭНТЕЗИ «ОЗ. ВЕЛИ-КИЙ И УЖАСНЫЙ» (12+)
23.35 Х/Ф «ДВАДЦАТЬ ОДНО» (16+)
02.00 Х/Ф «ДВОЕ. Я И МОЯ ТЕНЬ» (12+)
04.00 Х/Ф «СРОЧНАЯ ДОСТАВ-КА» (16+)
ТВ3
6.00 МУЛЬТФИЛЬМЫ
9.30 ШКОЛА ДОКТОРА КОМА-РОВСКОГО (12+)
10.00 МУЛЬТФИЛЬМЫ
11.30 МЕЛ ГИБСОН, ДЖО-ДИ ФОСТЕР, ДЖЕЙМС ГАРНЕР, ГРЭМ ГРИН, АЛЬФРЕД МОЛИНА, ДЖЕЙМС КОБУРН В БОЕВИКЕ «МЭВЕРИК» (12+)
14.00 Т/С «ЛЕДИ И БРОДЯГА: ИСКАТЕЛИ ПРИКЛЮ-ЧЕНИЙ» (12+)
21.00 ДАСТИН ХОФФМАН, РЕНЕ РУССО, МОР-ГАН ФРИМАН, КУБА ГУДИНГ-МЛ., КЕВИН СПЭЙСИ В ТРИЛЛЕРЕ «ЭПИДЕМИЯ» (16+)
23.30 Х/Ф «ПАРОЛЬ «РЫ-БА-МЕЧ» (16+)
01.30 Х/Ф «ИДЕАЛЬНЫЙ НЕ-ЗНАКОМЕЦ» (16+)
03.30 Х/Ф «ДИТЯ ТЬМЫ» (16+)
ЗВЕЗДА
6.00 МУЛЬТФИЛЬМЫ
8.45 ЕВГЕНИЙ ЛЕОНОВ, АНА-ТОЛИЙ ПАПАНОВ, НИНА УРГАНТ, АЛЕК-СЕЙ ГЛАЗЫРИН, ВСЕ-ВОЛОД САФОНОВ, МАРГАРИТА ТЕРЕХОВА, ЮРИЙ ВИЗБОР В ДРА-МЕ «БЕЛОРУССКИЙ ВОКЗАЛ»
10.50 Т/С «НЕМЕЦ» (16+)
18.00 Х/Ф «ПРИВЕТ ОТ КАТЮ-ШИ» (12+)
22.00 Х/Ф «БЕЛОРУССКИЙ ВОКЗАЛ»
00.00 Х/Ф «ЛЕТЯТ ЖУРАВЛИ» (12+)
02.00 Д/С «ВЕЛИКАЯ ВОЙНА» (12+)
ЗВЕЗДА-2
6.00 Х/Ф «ЕГОРКА»
7.25 Х/Ф «ПРОЩАНИЕ СЛА-ВЯНКИ»
9.00 НОВОСТИ ДНЯ
9.15 ЛЕГЕНДЫ МУЗЫКИ (6+)
9.40 ПОСЛЕДНИЙ ДЕНЬ (12+)
10.25 НЕ ФАКТ! (6+)
11.00 Д/С «ЗАГАДКИ ВЕКА» (12+)
11.50 УЛИКА ИЗ ПРОШЛОГО (16+)
12.35 СПЕЦ. РЕПОРТАЖ (12+)
13.00 НОВОСТИ ДНЯ
13.15 Д/С «СЕКРЕТНАЯ ПАП-КА» (12+)
14.00 Х/Ф «ФРОНТ БЕЗ ФЛАН-ГОВ» (12+)
17.40 Х/Ф «ФРОНТ ЗА ЛИНИЕЙ ФРОНТА» (12+) (В 18.00 НОВОСТИ ДНЯ)
21.35 Х/Ф «ФРОНТ В ТЫЛУ ВРАГА» (12+) (В 22.00 НОВОСТИ ДНЯ)
01.05 Х/Ф «КАДКИНА ВСЯКИЙ ЗНАЕТ»
02.40 Х/Ф «СЕМЬ НЕВЕСТ ЕФРЕЙТОРА ЗБРУЕВА» (12+)
04.40 ДОКУМ. ФИЛЬМ
5 КАНАЛ
21.50 «ЧЕТВЕРТАЯ ВЛАСТЬ» (16+)
22.20 Х/Ф «РЕЦЕПТ КОЛДУ-НЬИ» (16+)
00.00 ШОУ МАДОННЫ (16+)
01.35 Х/Ф «УКРОЩЕНИЕ СТРОПТИВЫХ» (16+)
03.10 Х/Ф «ПОБЕГ ЗА МЕЧ-ТОЙ» (16+)
04.30 «ДЕЙСТВУЮЩИЕ ЛИЦА» (16+)
5.05 Т/С «ОПЕРА. ХРОНИКИ УБОЙНОГО ОТДЕЛА»
7.00 МУЛЬТФИЛЬМЫ
9.35 ДЕНЬ АНГЕЛА
10.00 СЕЙЧАС
10.10 Т/С «СЛЕД» (16+)
18.30 СЕЙЧАС
18.40 Т/С «ОБНИМАЯ НЕБО» (16+)
01.00 Т/С «КЛАССНЫЕ МУЖИ-КИ» (16+)
